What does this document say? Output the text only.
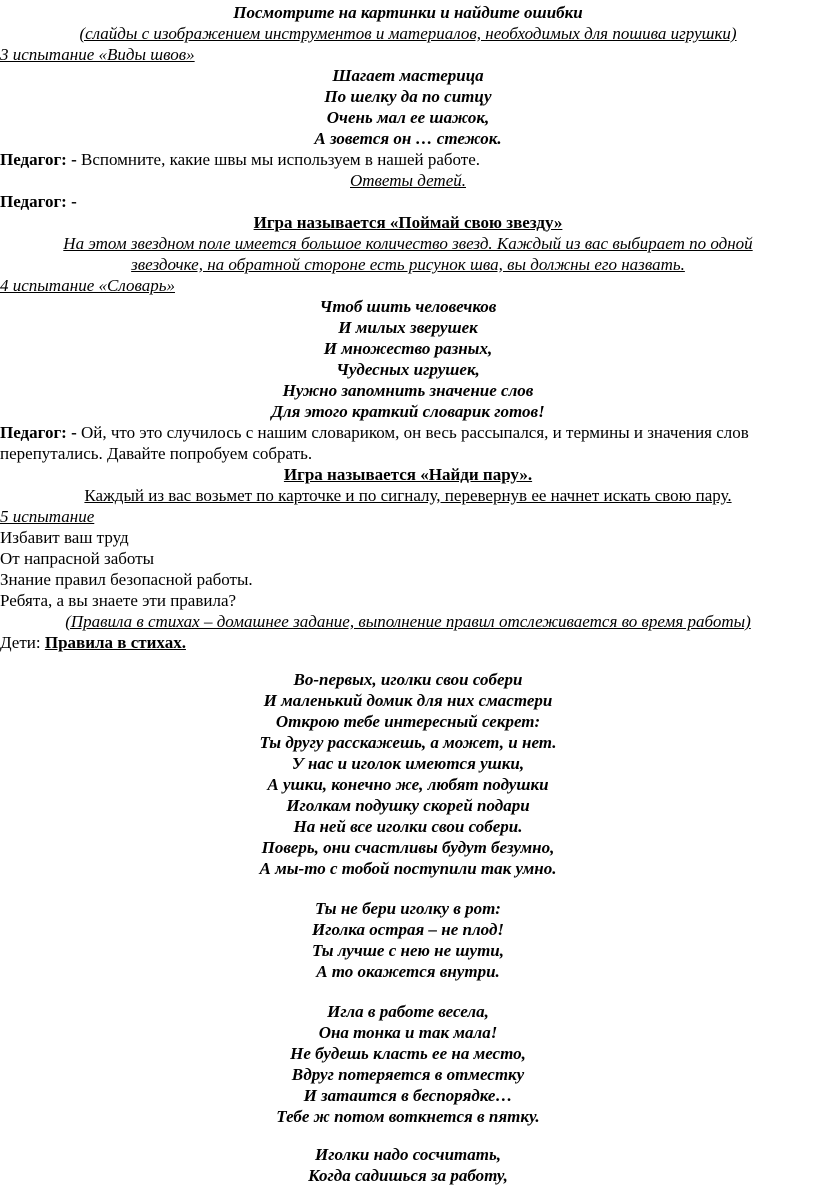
Посмотрите на картинки и найдите ошибки
(слайды с изображением инструментов и материалов, необходимых для пошива игрушки)
3 испытание «Виды швов»
Шагает мастерица
По шелку да по ситцу
Очень мал ее шажок,
А зовется он … стежок.
Педагог: - Вспомните, какие швы мы используем в нашей работе.
Ответы детей.
Педагог: -
Игра называется «Поймай свою звезду»
На этом звездном поле имеется большое количество звезд. Каждый из вас выбирает по одной
звездочке, на обратной стороне есть рисунок шва, вы должны его назвать.
4 испытание «Словарь»
Чтоб шить человечков
И милых зверушек
И множество разных,
Чудесных игрушек,
Нужно запомнить значение слов
Для этого краткий словарик готов!
Педагог: - Ой, что это случилось с нашим словариком, он весь рассыпался, и термины и значения слов
перепутались. Давайте попробуем собрать.
Игра называется «Найди пару».
Каждый из вас возьмет по карточке и по сигналу, перевернув ее начнет искать свою пару.
5 испытание
Избавит ваш труд
От напрасной заботы
Знание правил безопасной работы.
Ребята, а вы знаете эти правила?
(Правила в стихах – домашнее задание, выполнение правил отслеживается во время работы)
Дети: Правила в стихах.
Во-первых, иголки свои собери
И маленький домик для них смастери
Открою тебе интересный секрет:
Ты другу расскажешь, а может, и нет.
У нас и иголок имеются ушки,
А ушки, конечно же, любят подушки
Иголкам подушку скорей подари
На ней все иголки свои собери.
Поверь, они счастливы будут безумно,
А мы-то с тобой поступили так умно.
Ты не бери иголку в рот:
Иголка острая – не плод!
Ты лучше с нею не шути,
А то окажется внутри.
Игла в работе весела,
Она тонка и так мала!
Не будешь класть ее на место,
Вдруг потеряется в отместку
И затаится в беспорядке…
Тебе ж потом воткнется в пятку.
Иголки надо сосчитать,
Когда садишься за работу,
